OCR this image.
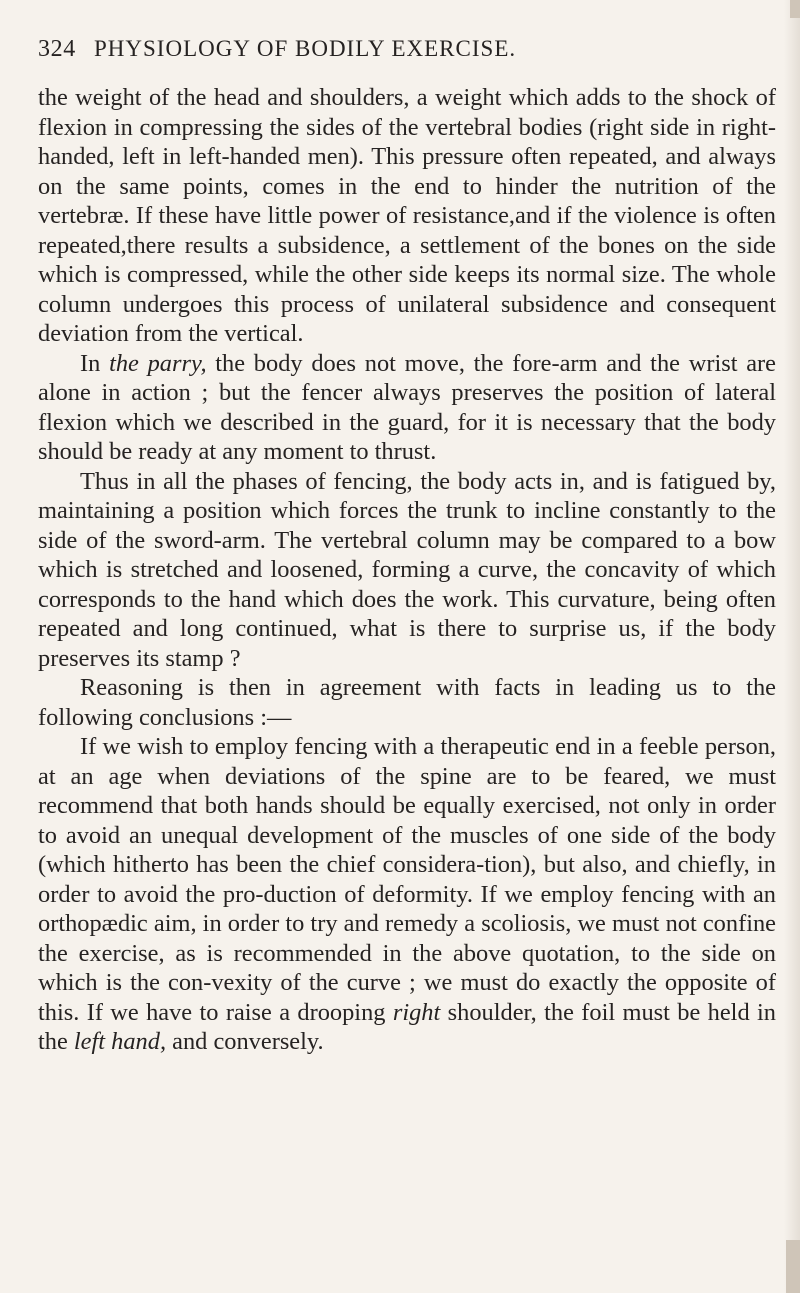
324 PHYSIOLOGY OF BODILY EXERCISE.

the weight of the head and shoulders, a weight which adds to the shock of flexion in compressing the sides of the vertebral bodies (right side in right-handed, left in left-handed men). This pressure often repeated, and always on the same points, comes in the end to hinder the nutrition of the vertebræ. If these have little power of resistance,and if the violence is often repeated,there results a subsidence, a settlement of the bones on the side which is compressed, while the other side keeps its normal size. The whole column undergoes this process of unilateral subsidence and consequent deviation from the vertical.

In the parry, the body does not move, the fore-arm and the wrist are alone in action ; but the fencer always preserves the position of lateral flexion which we described in the guard, for it is necessary that the body should be ready at any moment to thrust.

Thus in all the phases of fencing, the body acts in, and is fatigued by, maintaining a position which forces the trunk to incline constantly to the side of the sword-arm. The vertebral column may be compared to a bow which is stretched and loosened, forming a curve, the concavity of which corresponds to the hand which does the work. This curvature, being often repeated and long continued, what is there to surprise us, if the body preserves its stamp ?

Reasoning is then in agreement with facts in leading us to the following conclusions :—

If we wish to employ fencing with a therapeutic end in a feeble person, at an age when deviations of the spine are to be feared, we must recommend that both hands should be equally exercised, not only in order to avoid an unequal development of the muscles of one side of the body (which hitherto has been the chief considera-tion), but also, and chiefly, in order to avoid the pro-duction of deformity. If we employ fencing with an orthopædic aim, in order to try and remedy a scoliosis, we must not confine the exercise, as is recommended in the above quotation, to the side on which is the con-vexity of the curve ; we must do exactly the opposite of this. If we have to raise a drooping right shoulder, the foil must be held in the left hand, and conversely.
